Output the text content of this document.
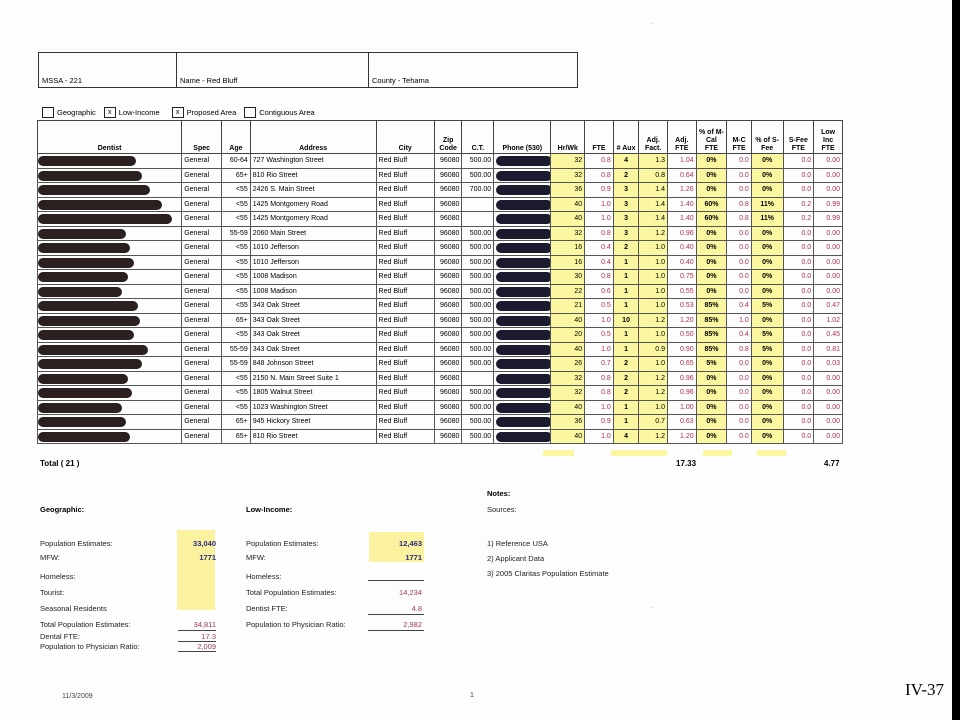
.
MSSA - 221	Name - Red Bluff	County - Tehama
Geographic	x Low-Income	x Proposed Area	Contiguous Area
Dentist	Spec	Age	Address	City	Zip Code	C.T.	Phone (530)	Hr/Wk	FTE	# Aux	Adj. Fact.	Adj. FTE	% of M-Cal FTE	M-C FTE	% of S-Fee	S-Fee FTE	Low Inc FTE

	General	60-64	727 Washington Street	Red Bluff	96080	500.00		32	0.8	4	1.3	1.04	0%	0.0	0%	0.0	0.00

	General	65+	810 Rio Street	Red Bluff	96080	500.00		32	0.8	2	0.8	0.64	0%	0.0	0%	0.0	0.00

	General	<55	2426 S. Main Street	Red Bluff	96080	700.00		36	0.9	3	1.4	1.26	0%	0.0	0%	0.0	0.00

	General	<55	1425 Montgomery Road	Red Bluff	96080			40	1.0	3	1.4	1.40	60%	0.8	11%	0.2	0.99

	General	<55	1425 Montgomery Road	Red Bluff	96080			40	1.0	3	1.4	1.40	60%	0.8	11%	0.2	0.99

	General	55-59	2060 Main Street	Red Bluff	96080	500.00		32	0.8	3	1.2	0.96	0%	0.0	0%	0.0	0.00

	General	<55	1010 Jefferson	Red Bluff	96080	500.00		16	0.4	2	1.0	0.40	0%	0.0	0%	0.0	0.00

	General	<55	1010 Jefferson	Red Bluff	96080	500.00		16	0.4	1	1.0	0.40	0%	0.0	0%	0.0	0.00

	General	<55	1008 Madison	Red Bluff	96080	500.00		30	0.8	1	1.0	0.75	0%	0.0	0%	0.0	0.00

	General	<55	1008 Madison	Red Bluff	96080	500.00		22	0.6	1	1.0	0.55	0%	0.0	0%	0.0	0.00

	General	<55	343 Oak Street	Red Bluff	96080	500.00		21	0.5	1	1.0	0.53	85%	0.4	5%	0.0	0.47

	General	65+	343 Oak Street	Red Bluff	96080	500.00		40	1.0	10	1.2	1.20	85%	1.0	0%	0.0	1.02

	General	<55	343 Oak Street	Red Bluff	96080	500.00		20	0.5	1	1.0	0.50	85%	0.4	5%	0.0	0.45

	General	55-59	343 Oak Street	Red Bluff	96080	500.00		40	1.0	1	0.9	0.90	85%	0.8	5%	0.0	0.81

	General	55-59	848 Johnson Street	Red Bluff	96080	500.00		26	0.7	2	1.0	0.65	5%	0.0	0%	0.0	0.03

	General	<55	2150 N. Main Street Suite 1	Red Bluff	96080			32	0.8	2	1.2	0.96	0%	0.0	0%	0.0	0.00

	General	<55	1805 Walnut Street	Red Bluff	96080	500.00		32	0.8	2	1.2	0.96	0%	0.0	0%	0.0	0.00

	General	<55	1023 Washington Street	Red Bluff	96080	500.00		40	1.0	1	1.0	1.00	0%	0.0	0%	0.0	0.00

	General	65+	945 Hickory Street	Red Bluff	96080	500.00		36	0.9	1	0.7	0.63	0%	0.0	0%	0.0	0.00

	General	65+	810 Rio Street	Red Bluff	96080	500.00		40	1.0	4	1.2	1.20	0%	0.0	0%	0.0	0.00
Total ( 21 )	17.33	4.77
Geographic:
Population Estimates:	33,040
MFW:	1771
Homeless:
Tourist:
Seasonal Residents
Total Population Estimates:	34,811
Dental FTE:	17.3
Population to Physician Ratio:	2,009
Low-Income:
Population Estimates:	12,463
MFW:	1771
Homeless:
Total Population Estimates:	14,234
Dentist FTE:	4.8
Population to Physician Ratio:	2,982
Notes:
Sources:
1) Reference USA
2) Applicant Data
3) 2005 Claritas Population Estimate
.
11/3/2009	1	IV-37
